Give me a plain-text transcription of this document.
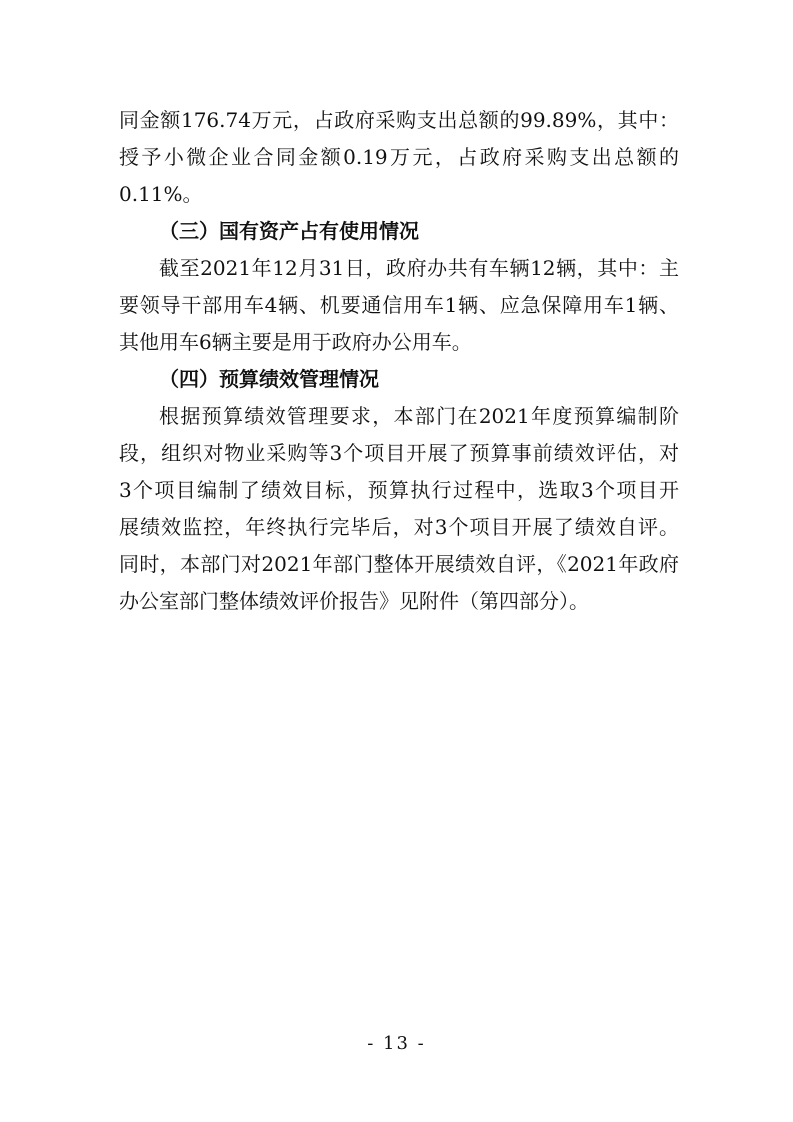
同金额176.74万元，占政府采购支出总额的99.89%，其中：
授予小微企业合同金额0.19万元，占政府采购支出总额的
0.11%。
（三）国有资产占有使用情况
截至2021年12月31日，政府办共有车辆12辆，其中：主
要领导干部用车4辆、机要通信用车1辆、应急保障用车1辆、
其他用车6辆主要是用于政府办公用车。
（四）预算绩效管理情况
根据预算绩效管理要求，本部门在2021年度预算编制阶
段，组织对物业采购等3个项目开展了预算事前绩效评估，对
3个项目编制了绩效目标，预算执行过程中，选取3个项目开
展绩效监控，年终执行完毕后，对3个项目开展了绩效自评。
同时，本部门对2021年部门整体开展绩效自评，《2021年政府
办公室部门整体绩效评价报告》见附件（第四部分）。
- 13 -
